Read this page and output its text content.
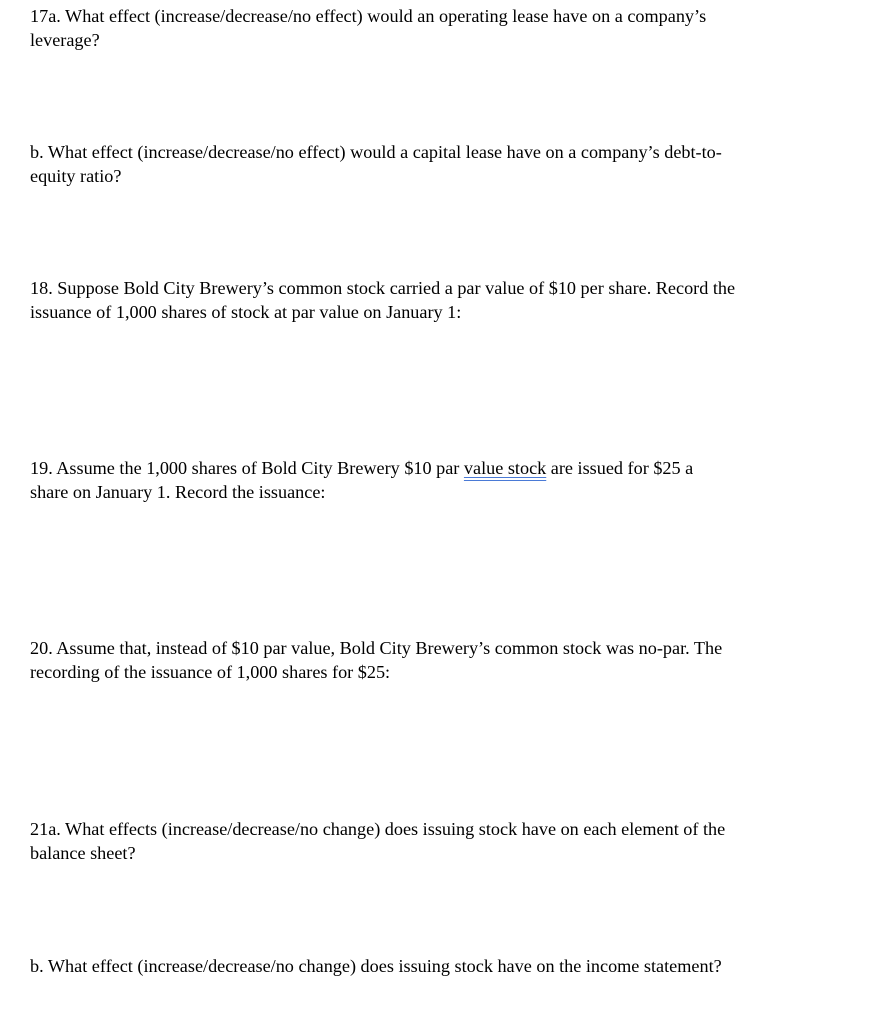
17a. What effect (increase/decrease/no effect) would an operating lease have on a company’s
leverage?
b. What effect (increase/decrease/no effect) would a capital lease have on a company’s debt-to-
equity ratio?
18. Suppose Bold City Brewery’s common stock carried a par value of $10 per share. Record the
issuance of 1,000 shares of stock at par value on January 1:
19. Assume the 1,000 shares of Bold City Brewery $10 par value stock are issued for $25 a
share on January 1. Record the issuance:
20. Assume that, instead of $10 par value, Bold City Brewery’s common stock was no-par. The
recording of the issuance of 1,000 shares for $25:
21a. What effects (increase/decrease/no change) does issuing stock have on each element of the
balance sheet?
b. What effect (increase/decrease/no change) does issuing stock have on the income statement?
